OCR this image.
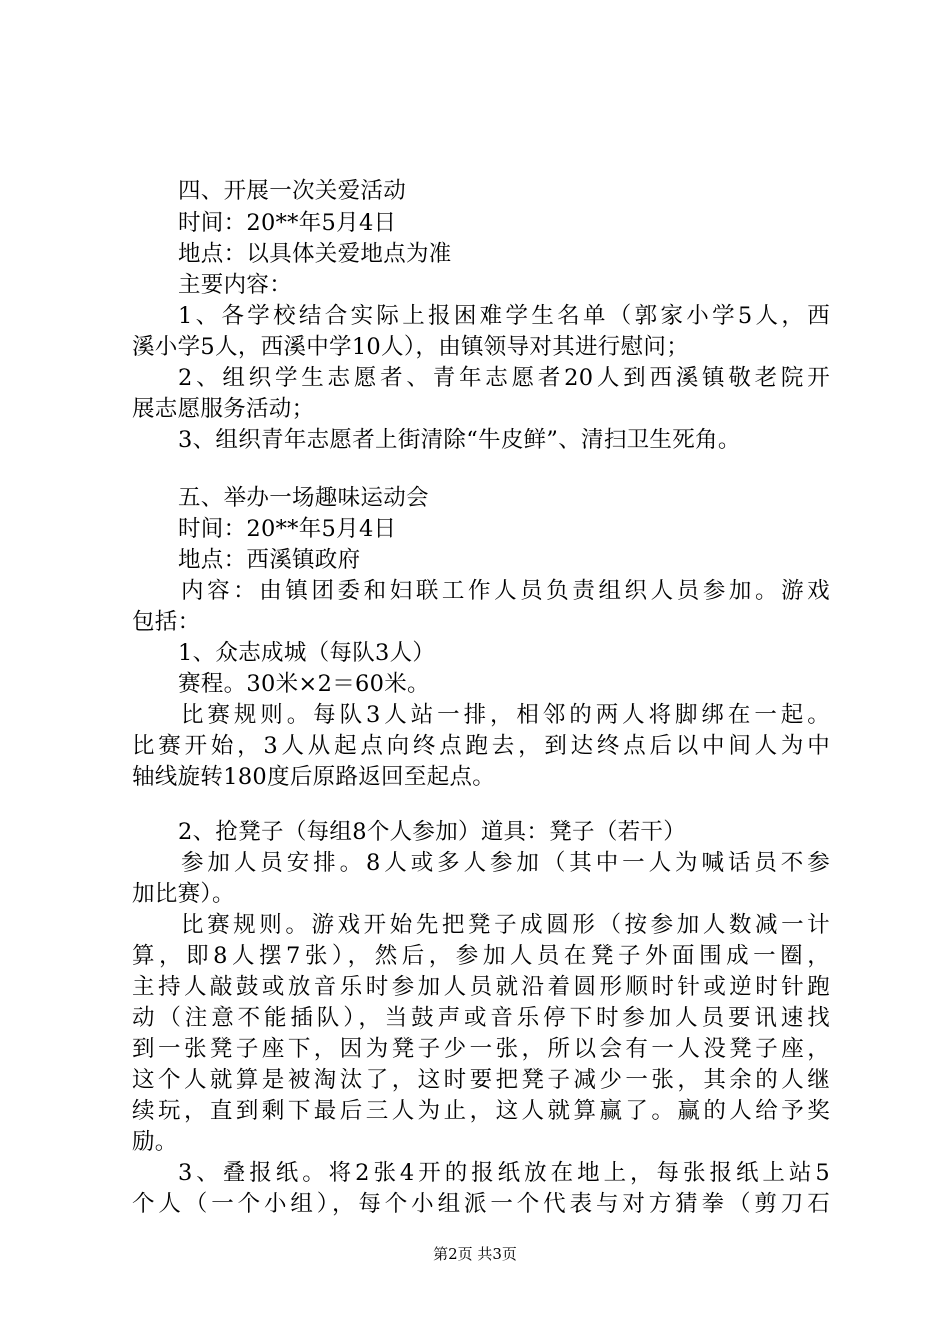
四、开展一次关爱活动
时间：20**年5月4日
地点：以具体关爱地点为准
主要内容：
1、各学校结合实际上报困难学生名单（郭家小学5人，西
溪小学5人，西溪中学10人），由镇领导对其进行慰问；
2、组织学生志愿者、青年志愿者20人到西溪镇敬老院开
展志愿服务活动；
3、组织青年志愿者上街清除“牛皮鲜”、清扫卫生死角。
五、举办一场趣味运动会
时间：20**年5月4日
地点：西溪镇政府
内容：由镇团委和妇联工作人员负责组织人员参加。游戏
包括：
1、众志成城（每队3人）
赛程。30米×2＝60米。
比赛规则。每队3人站一排，相邻的两人将脚绑在一起。
比赛开始，3人从起点向终点跑去，到达终点后以中间人为中
轴线旋转180度后原路返回至起点。
2、抢凳子（每组8个人参加）道具：凳子（若干）
参加人员安排。8人或多人参加（其中一人为喊话员不参
加比赛）。
比赛规则。游戏开始先把凳子成圆形（按参加人数减一计
算，即8人摆7张），然后，参加人员在凳子外面围成一圈，
主持人敲鼓或放音乐时参加人员就沿着圆形顺时针或逆时针跑
动（注意不能插队），当鼓声或音乐停下时参加人员要讯速找
到一张凳子座下，因为凳子少一张，所以会有一人没凳子座，
这个人就算是被淘汰了，这时要把凳子减少一张，其余的人继
续玩，直到剩下最后三人为止，这人就算赢了。赢的人给予奖
励。
3、叠报纸。将2张4开的报纸放在地上，每张报纸上站5
个人（一个小组），每个小组派一个代表与对方猜拳（剪刀石
第2页 共3页
